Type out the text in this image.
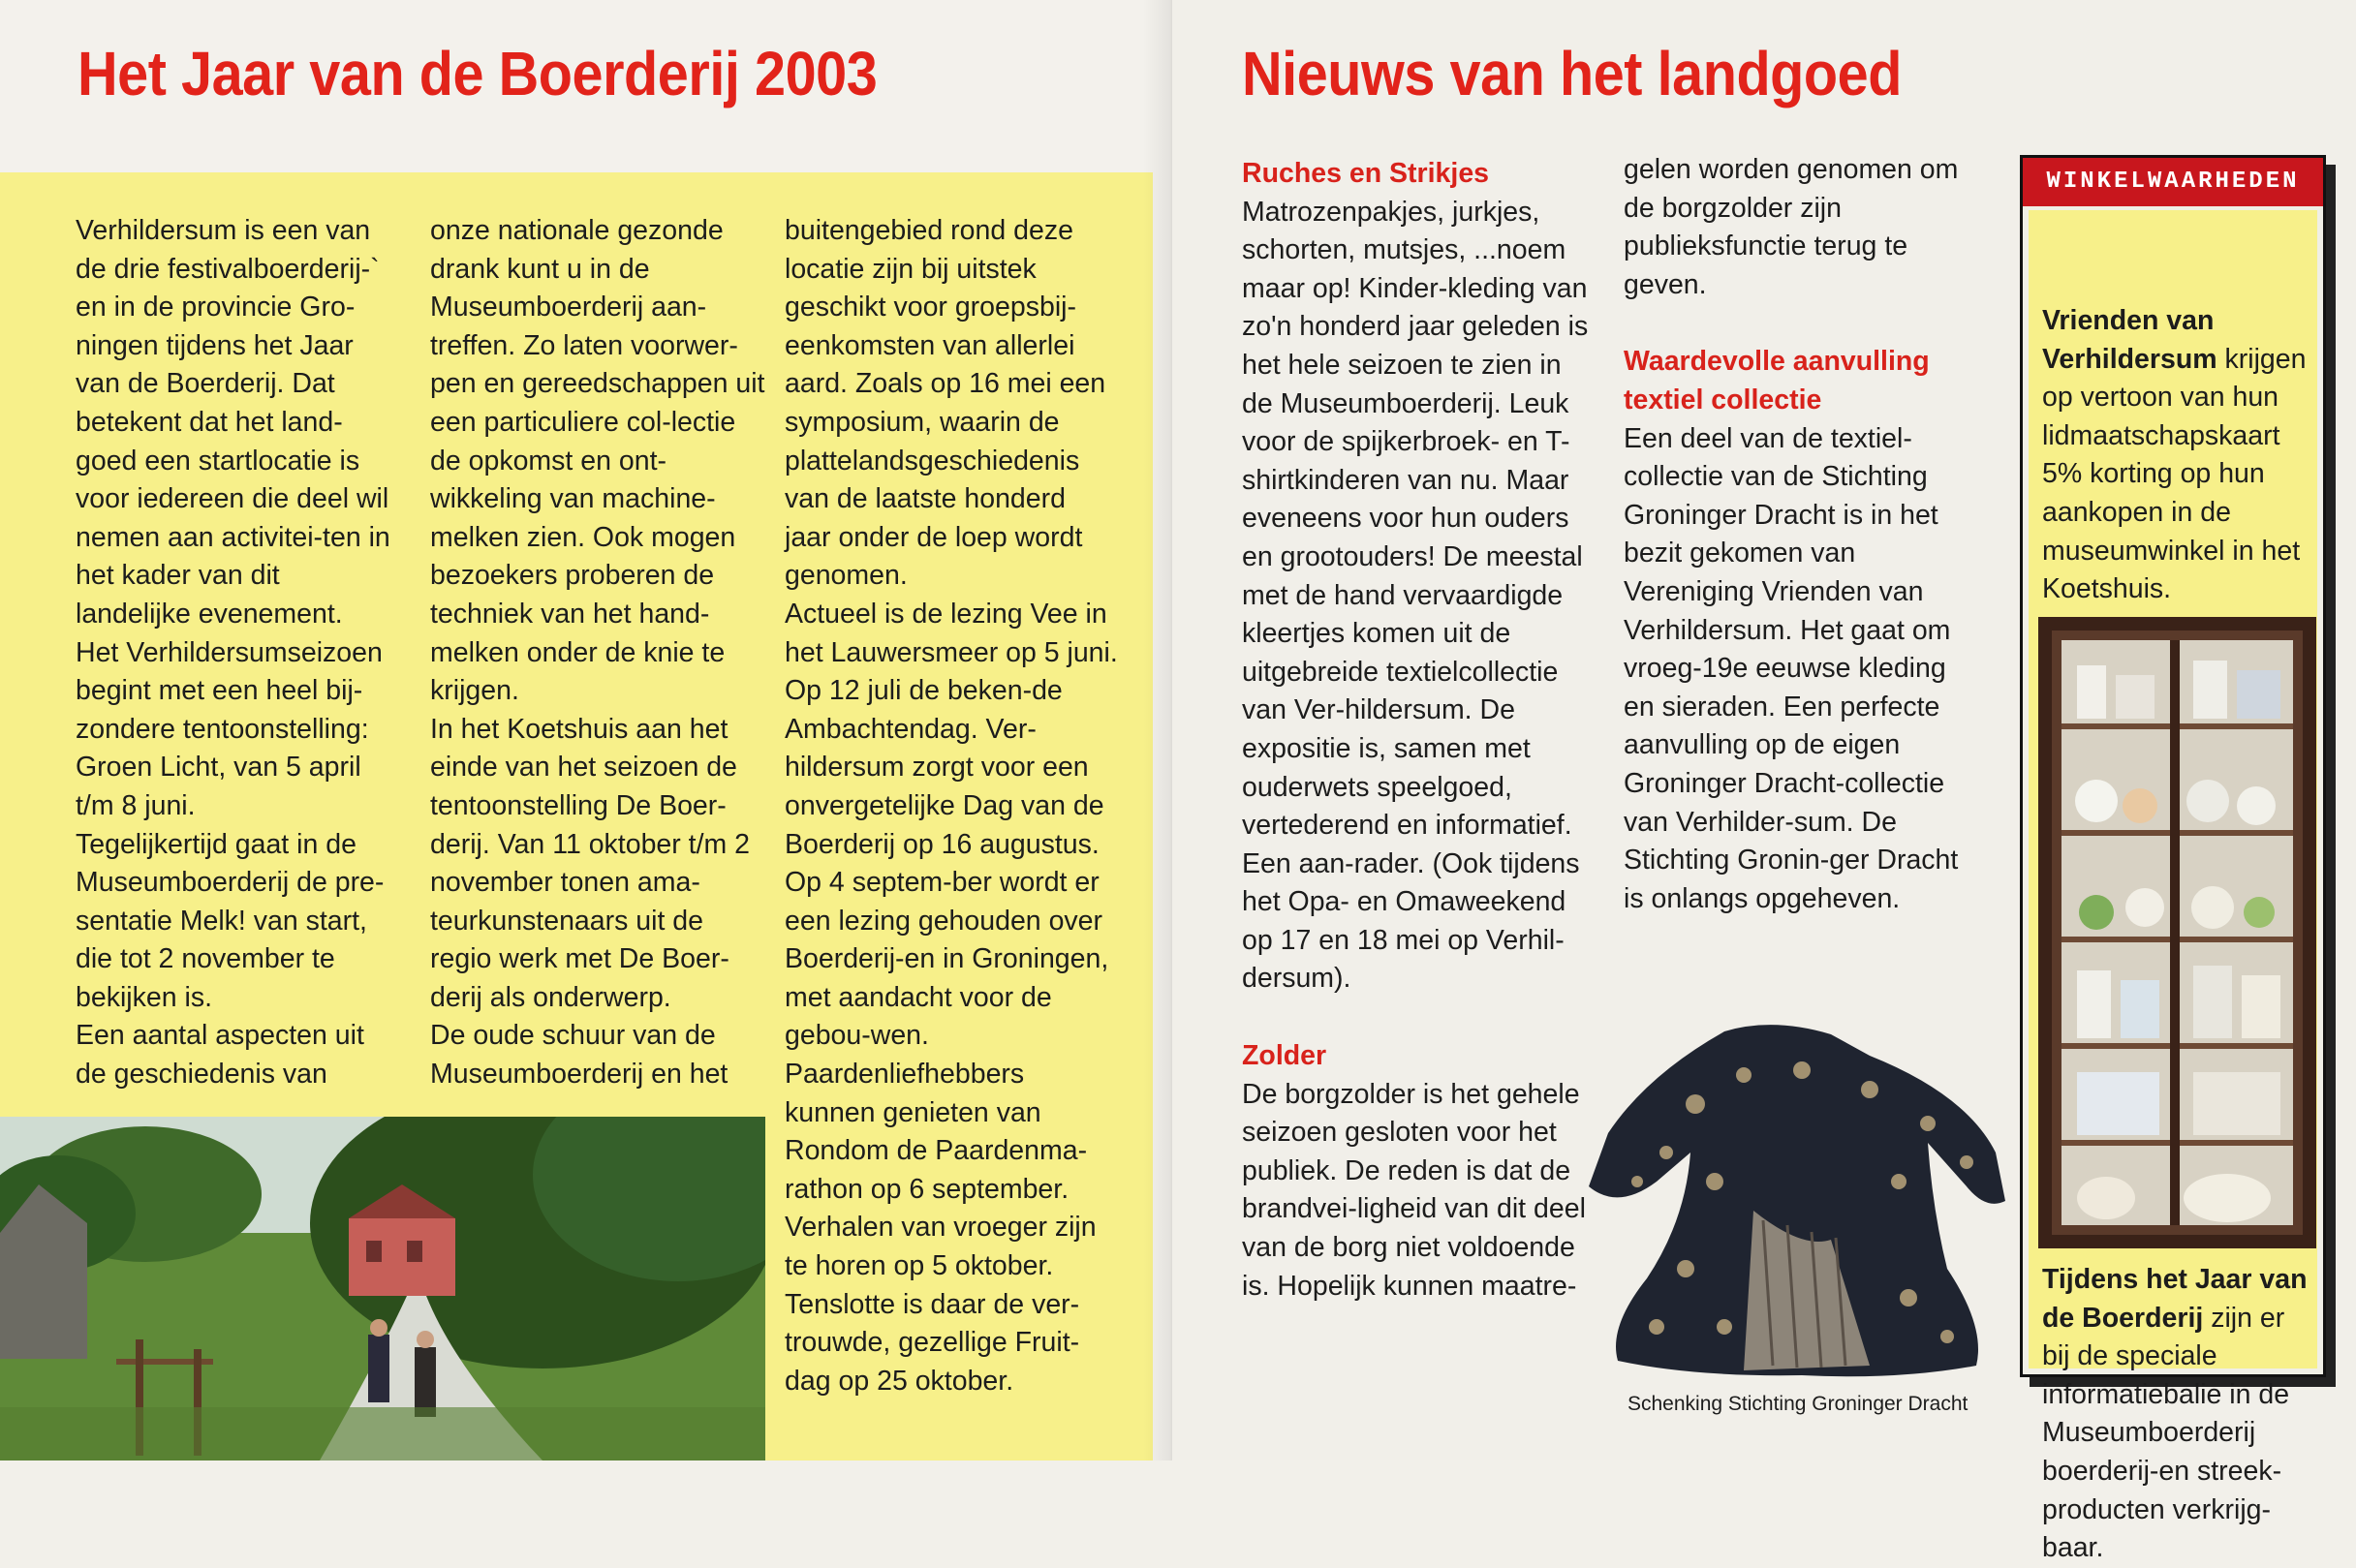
Het Jaar van de Boerderij 2003

Verhildersum is een van de drie festivalboerderij-` en in de provincie Gro-ningen tijdens het Jaar van de Boerderij. Dat betekent dat het land-goed een startlocatie is voor iedereen die deel wil nemen aan activitei-ten in het kader van dit landelijke evenement.

Het Verhildersumseizoen begint met een heel bij-zondere tentoonstelling: Groen Licht, van 5 april t/m 8 juni.

Tegelijkertijd gaat in de Museumboerderij de pre-sentatie Melk! van start, die tot 2 november te bekijken is.

Een aantal aspecten uit de geschiedenis van

onze nationale gezonde drank kunt u in de Museumboerderij aan-treffen. Zo laten voorwer-pen en gereedschappen uit een particuliere col-lectie de opkomst en ont-wikkeling van machine-melken zien. Ook mogen bezoekers proberen de techniek van het hand-melken onder de knie te krijgen.

In het Koetshuis aan het einde van het seizoen de tentoonstelling De Boer-derij. Van 11 oktober t/m 2 november tonen ama-teurkunstenaars uit de regio werk met De Boer-derij als onderwerp.

De oude schuur van de Museumboerderij en het

buitengebied rond deze locatie zijn bij uitstek geschikt voor groepsbij-eenkomsten van allerlei aard. Zoals op 16 mei een symposium, waarin de plattelandsgeschiedenis van de laatste honderd jaar onder de loep wordt genomen.

Actueel is de lezing Vee in het Lauwersmeer op 5 juni. Op 12 juli de beken-de Ambachtendag. Ver-hildersum zorgt voor een onvergetelijke Dag van de Boerderij op 16 augustus. Op 4 septem-ber wordt er een lezing gehouden over Boerderij-en in Groningen, met aandacht voor de gebou-wen. Paardenliefhebbers kunnen genieten van Rondom de Paardenma-rathon op 6 september. Verhalen van vroeger zijn te horen op 5 oktober. Tenslotte is daar de ver-trouwde, gezellige Fruit-dag op 25 oktober.

Nieuws van het landgoed

Ruches en Strikjes

Matrozenpakjes, jurkjes, schorten, mutsjes, ...noem maar op! Kinder-kleding van zo'n honderd jaar geleden is het hele seizoen te zien in de Museumboerderij. Leuk voor de spijkerbroek- en T-shirtkinderen van nu. Maar eveneens voor hun ouders en grootouders! De meestal met de hand vervaardigde kleertjes komen uit de uitgebreide textielcollectie van Ver-hildersum. De expositie is, samen met ouderwets speelgoed, vertederend en informatief. Een aan-rader. (Ook tijdens het Opa- en Omaweekend op 17 en 18 mei op Verhil-dersum).

Zolder

De borgzolder is het gehele seizoen gesloten voor het publiek. De reden is dat de brandvei-ligheid van dit deel van de borg niet voldoende is. Hopelijk kunnen maatre-

gelen worden genomen om de borgzolder zijn publieksfunctie terug te geven.

Waardevolle aanvulling textiel collectie

Een deel van de textiel-collectie van de Stichting Groninger Dracht is in het bezit gekomen van Vereniging Vrienden van Verhildersum. Het gaat om vroeg-19e eeuwse kleding en sieraden. Een perfecte aanvulling op de eigen Groninger Dracht-collectie van Verhilder-sum. De Stichting Gronin-ger Dracht is onlangs opgeheven.

Schenking Stichting Groninger Dracht
WINKELWAARHEDEN

Vrienden van Verhildersum krijgen op vertoon van hun lidmaatschapskaart 5% korting op hun aankopen in de museumwinkel in het Koetshuis.

Tijdens het Jaar van de Boerderij zijn er bij de speciale informatiebalie in de Museumboerderij boerderij-en streek-producten verkrijg-baar.
